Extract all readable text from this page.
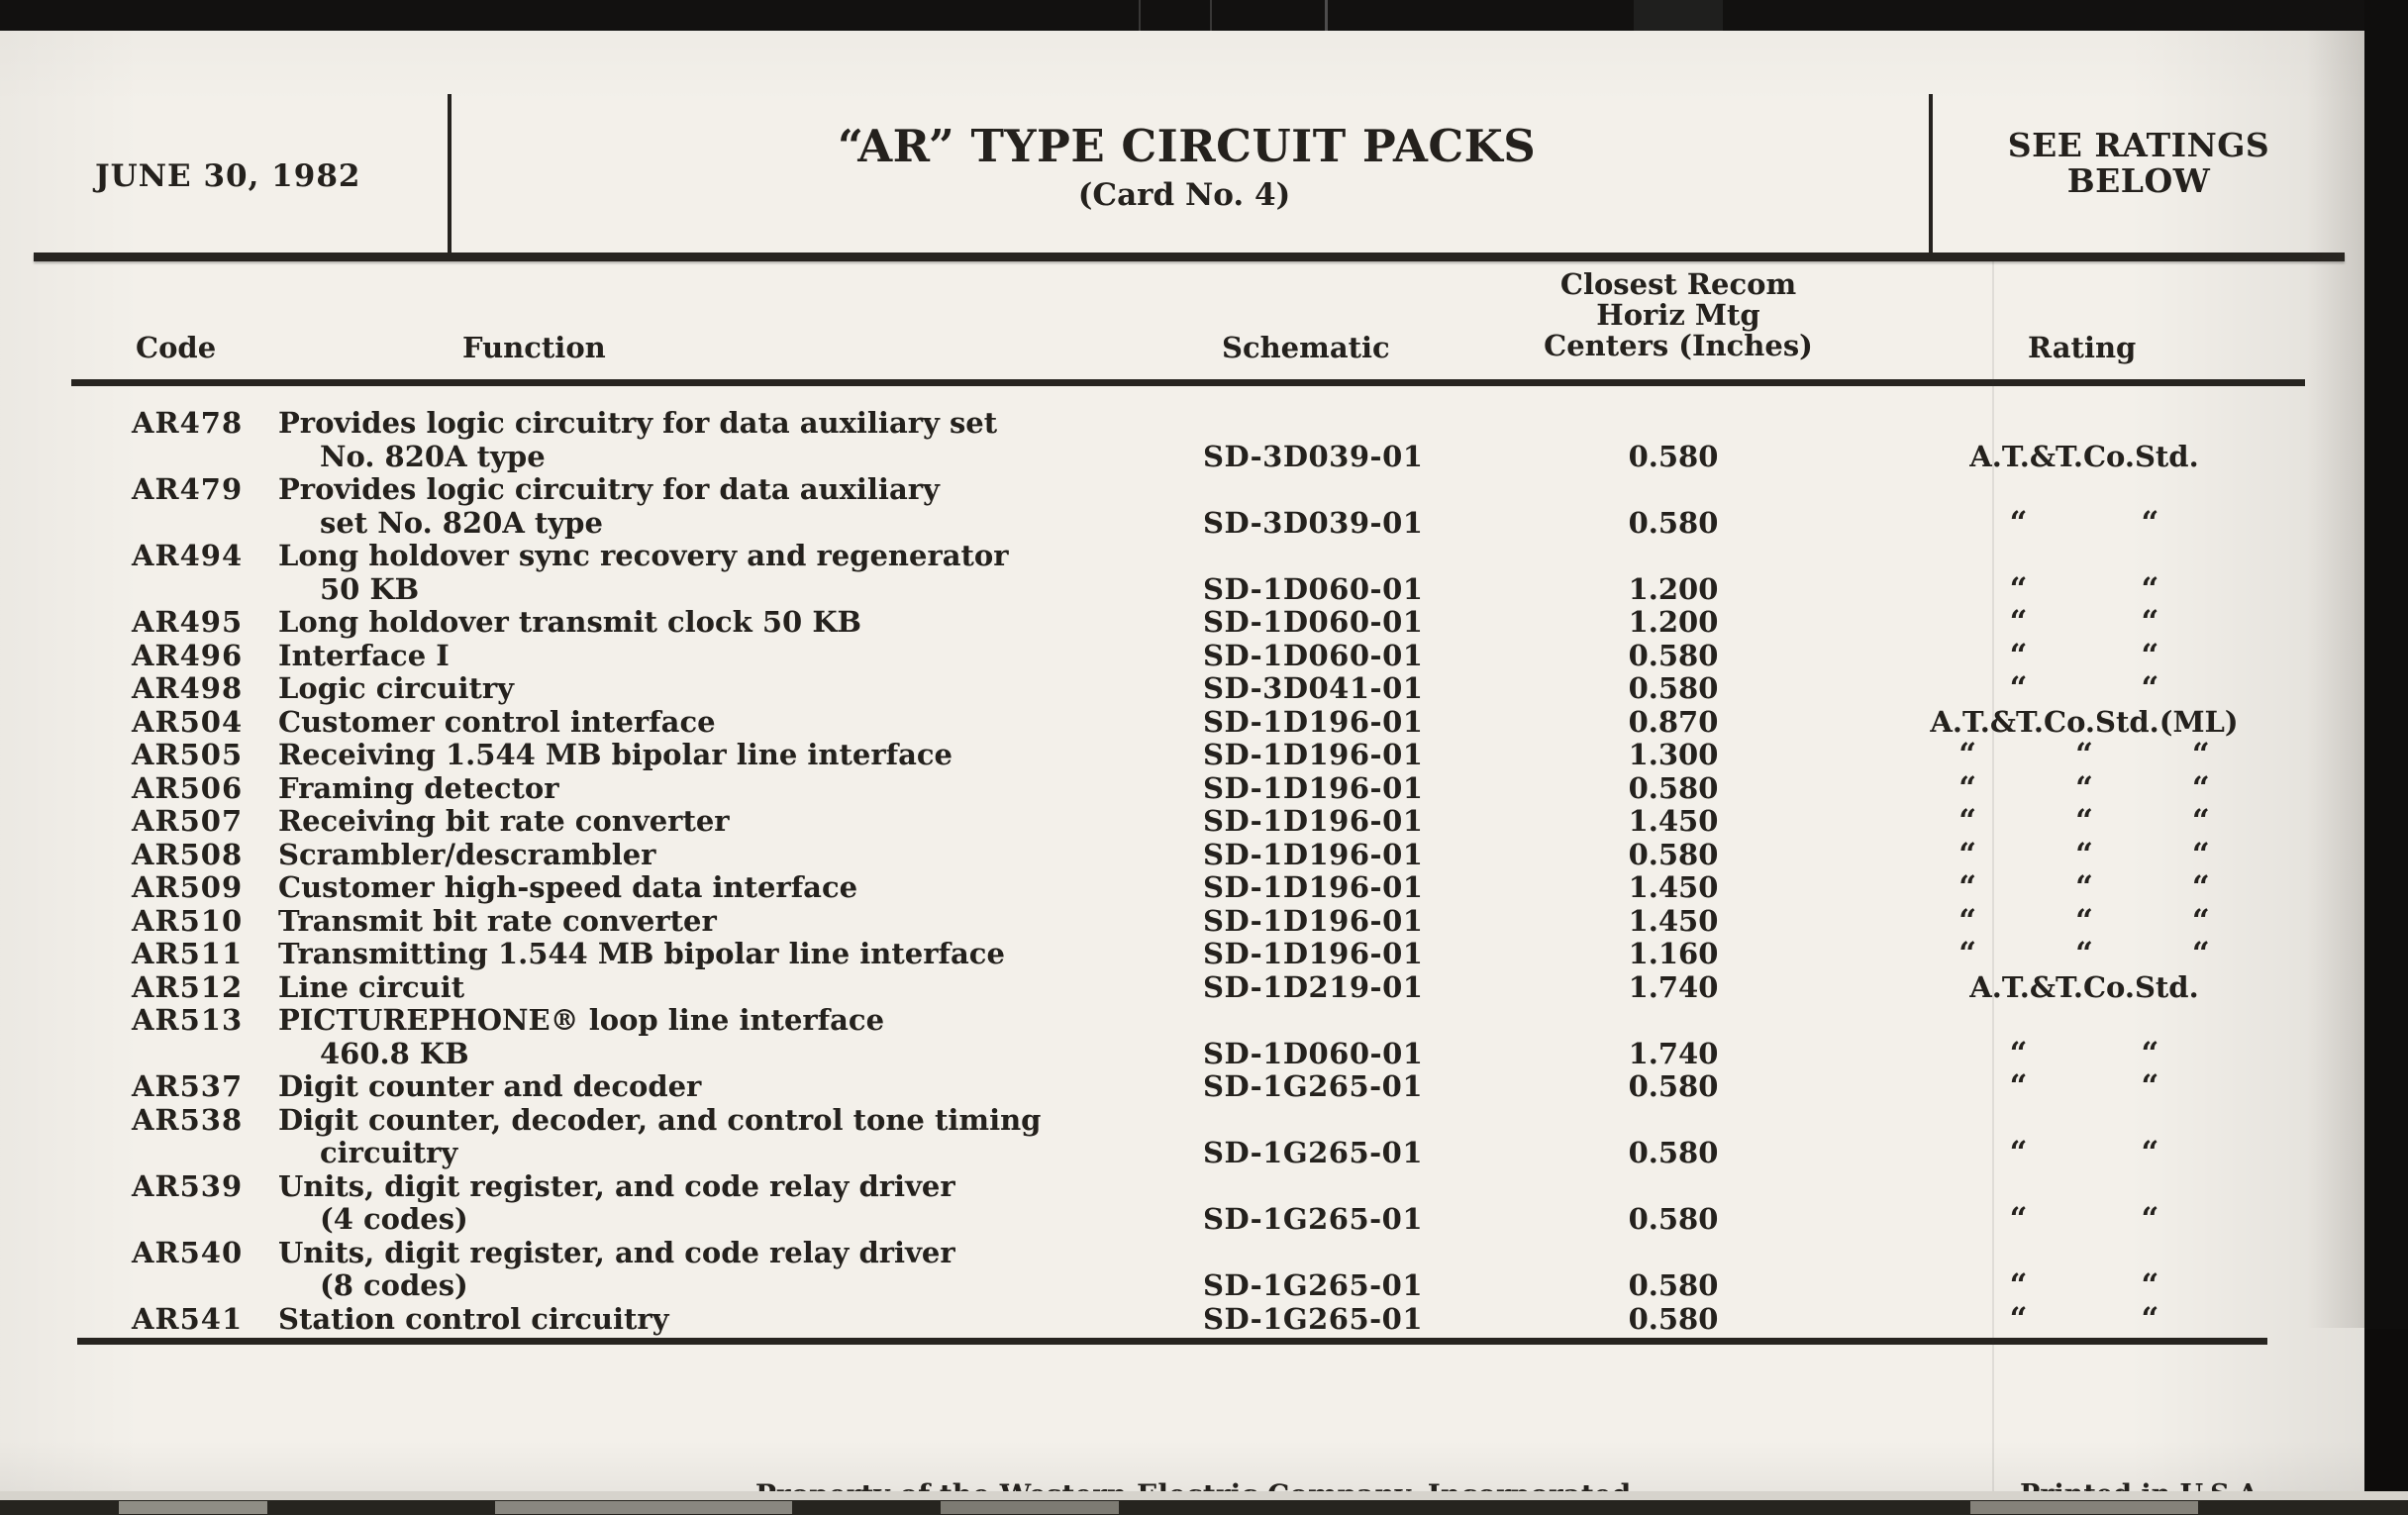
JUNE 30, 1982
“AR” TYPE CIRCUIT PACKS
(Card No. 4)
SEE RATINGS
BELOW
Closest Recom
Horiz Mtg
Centers (Inches)
Code	Function	Schematic	Rating
AR478 Provides logic circuitry for data auxiliary set
No. 820A type	SD-3D039-01	0.580	A.T.&T.Co.Std.
AR479 Provides logic circuitry for data auxiliary
set No. 820A type	SD-3D039-01	0.580	“	“
AR494 Long holdover sync recovery and regenerator
50 KB	SD-1D060-01	1.200	“	“
AR495 Long holdover transmit clock 50 KB	SD-1D060-01	1.200	“	“
AR496 Interface I	SD-1D060-01	0.580	“	“
AR498 Logic circuitry	SD-3D041-01	0.580	“	“
AR504 Customer control interface	SD-1D196-01	0.870	A.T.&T.Co.Std.(ML)
AR505 Receiving 1.544 MB bipolar line interface	SD-1D196-01	1.300	“	“	“
AR506 Framing detector	SD-1D196-01	0.580	“	“	“
AR507 Receiving bit rate converter	SD-1D196-01	1.450	“	“	“
AR508 Scrambler/descrambler	SD-1D196-01	0.580	“	“	“
AR509 Customer high-speed data interface	SD-1D196-01	1.450	“	“	“
AR510 Transmit bit rate converter	SD-1D196-01	1.450	“	“	“
AR511 Transmitting 1.544 MB bipolar line interface	SD-1D196-01	1.160	“	“	“
AR512 Line circuit	SD-1D219-01	1.740	A.T.&T.Co.Std.
AR513 PICTUREPHONE® loop line interface
460.8 KB	SD-1D060-01	1.740	“	“
AR537 Digit counter and decoder	SD-1G265-01	0.580	“	“
AR538 Digit counter, decoder, and control tone timing
circuitry	SD-1G265-01	0.580	“	“
AR539 Units, digit register, and code relay driver
(4 codes)	SD-1G265-01	0.580	“	“
AR540 Units, digit register, and code relay driver
(8 codes)	SD-1G265-01	0.580	“	“
AR541 Station control circuitry	SD-1G265-01	0.580	“	“
